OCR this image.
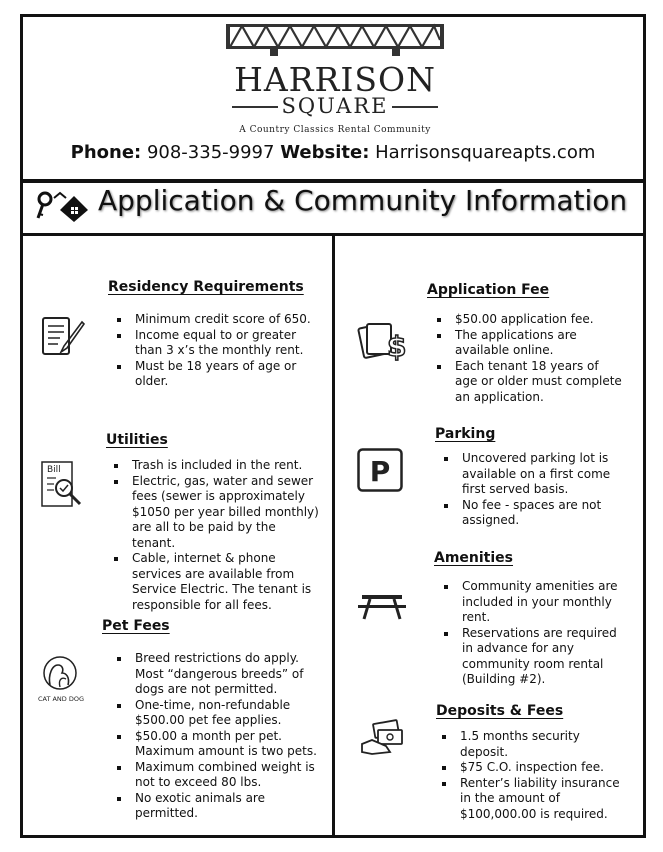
HARRISON
SQUARE
A Country Classics Rental Community
Phone: 908-335-9997 Website: Harrisonsquareapts.com
Application & Community Information
Residency Requirements
Minimum credit score of 650.
Income equal to or greater than 3 x’s the monthly rent.
Must be 18 years of age or older.
Utilities
Bill	Trash is included in the rent.
Electric, gas, water and sewer fees (sewer is approximately $1050 per year billed monthly) are all to be paid by the tenant.
Cable, internet & phone services are available from Service Electric. The tenant is responsible for all fees.
Pet Fees
CAT AND DOG
Breed restrictions do apply. Most “dangerous breeds” of dogs are not permitted.
One-time, non-refundable $500.00 pet fee applies.
$50.00 a month per pet. Maximum amount is two pets.
Maximum combined weight is not to exceed 80 lbs.
No exotic animals are permitted.
Application Fee
$
$50.00 application fee.
The applications are available online.
Each tenant 18 years of age or older must complete an application.
Parking
P	Uncovered parking lot is available on a first come first served basis.
No fee - spaces are not assigned.
Amenities
Community amenities are included in your monthly rent.
Reservations are required in advance for any community room rental (Building #2).
Deposits & Fees
1.5 months security deposit.
$75 C.O. inspection fee.
Renter’s liability insurance in the amount of $100,000.00 is required.
